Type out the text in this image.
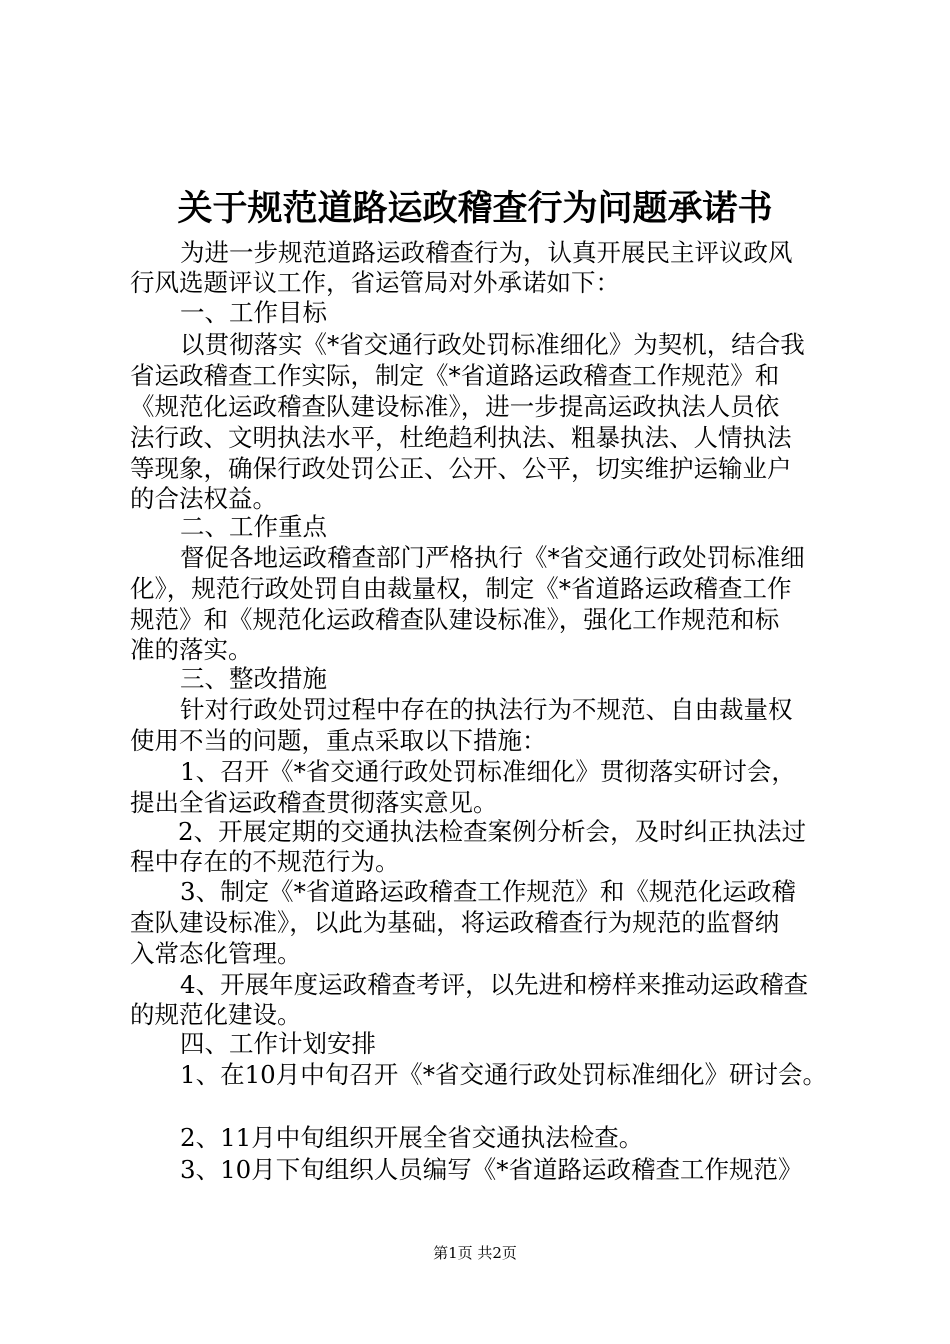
关于规范道路运政稽查行为问题承诺书
为进一步规范道路运政稽查行为，认真开展民主评议政风
行风选题评议工作，省运管局对外承诺如下：
一、工作目标
以贯彻落实《*省交通行政处罚标准细化》为契机，结合我
省运政稽查工作实际，制定《*省道路运政稽查工作规范》和
《规范化运政稽查队建设标准》，进一步提高运政执法人员依
法行政、文明执法水平，杜绝趋利执法、粗暴执法、人情执法
等现象，确保行政处罚公正、公开、公平，切实维护运输业户
的合法权益。
二、工作重点
督促各地运政稽查部门严格执行《*省交通行政处罚标准细
化》，规范行政处罚自由裁量权，制定《*省道路运政稽查工作
规范》和《规范化运政稽查队建设标准》，强化工作规范和标
准的落实。
三、整改措施
针对行政处罚过程中存在的执法行为不规范、自由裁量权
使用不当的问题，重点采取以下措施：
1、召开《*省交通行政处罚标准细化》贯彻落实研讨会，
提出全省运政稽查贯彻落实意见。
2、开展定期的交通执法检查案例分析会，及时纠正执法过
程中存在的不规范行为。
3、制定《*省道路运政稽查工作规范》和《规范化运政稽
查队建设标准》，以此为基础，将运政稽查行为规范的监督纳
入常态化管理。
4、开展年度运政稽查考评，以先进和榜样来推动运政稽查
的规范化建设。
四、工作计划安排
1、在10月中旬召开《*省交通行政处罚标准细化》研讨会。
2、11月中旬组织开展全省交通执法检查。
3、10月下旬组织人员编写《*省道路运政稽查工作规范》
第1页 共2页
